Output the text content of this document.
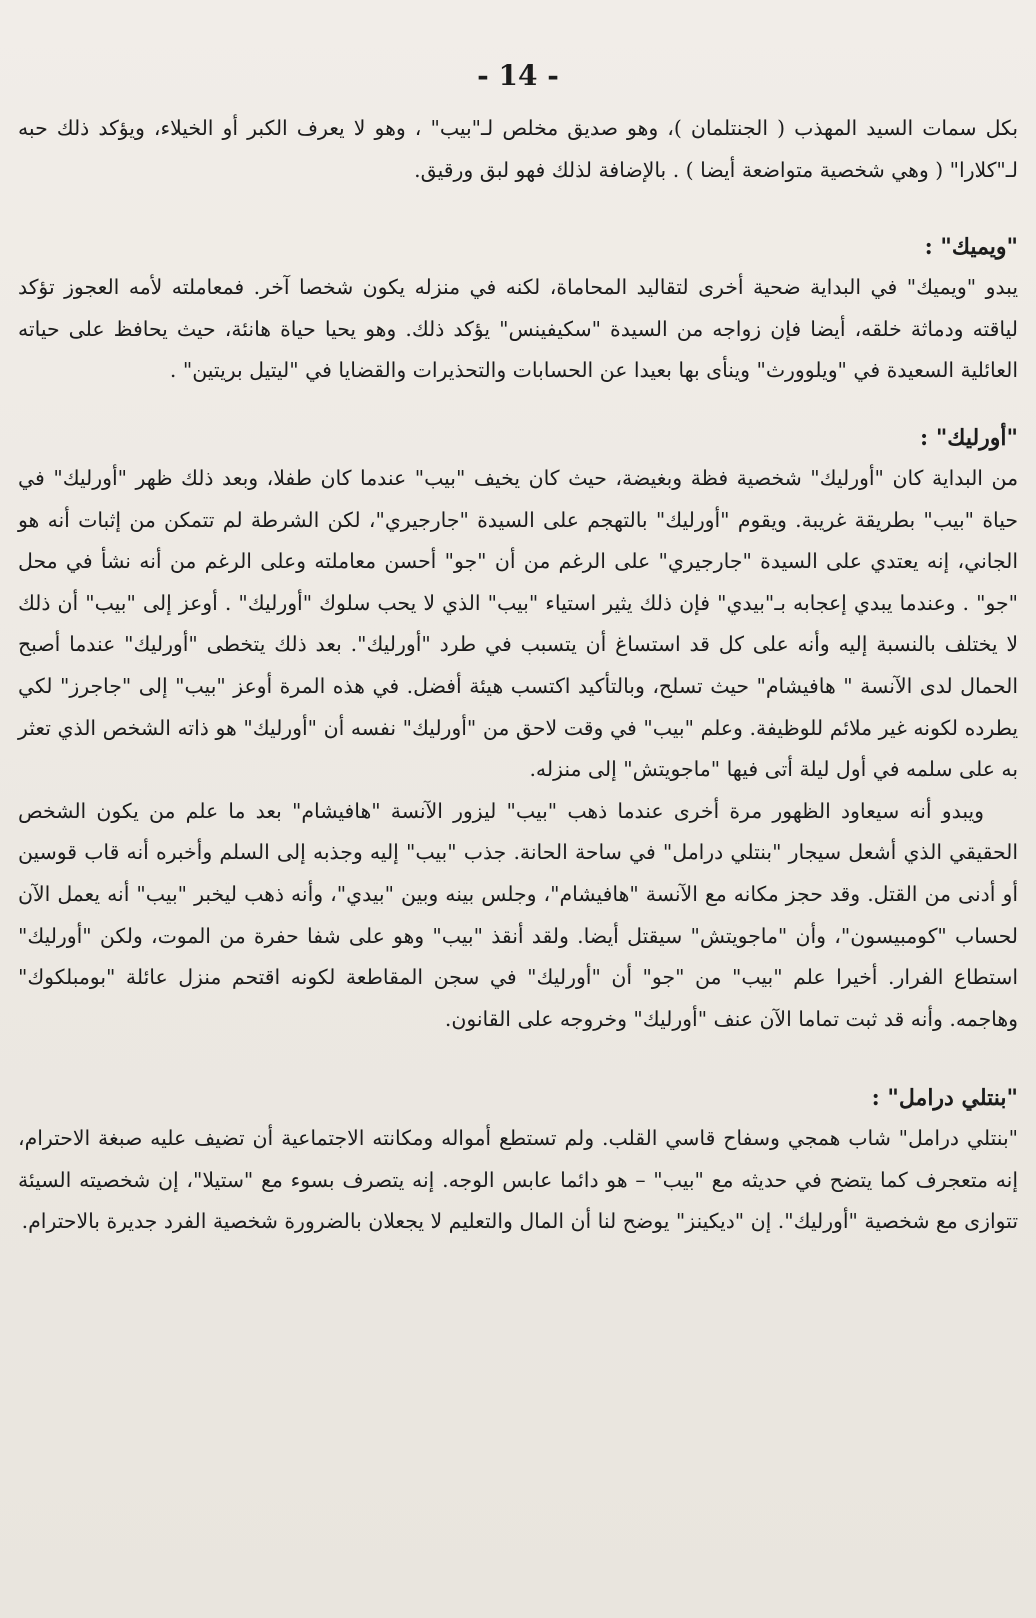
- 14 -

بكل سمات السيد المهذب ( الجنتلمان )، وهو صديق مخلص لـ"بيب" ، وهو لا يعرف الكبر أو الخيلاء، ويؤكد ذلك حبه لـ"كلارا" ( وهي شخصية متواضعة أيضا ) . بالإضافة لذلك فهو لبق ورقيق.

"ويميك" :

يبدو "ويميك" في البداية ضحية أخرى لتقاليد المحاماة، لكنه في منزله يكون شخصا آخر. فمعاملته لأمه العجوز تؤكد لياقته ودماثة خلقه، أيضا فإن زواجه من السيدة "سكيفينس" يؤكد ذلك. وهو يحيا حياة هانئة، حيث يحافظ على حياته العائلية السعيدة في "ويلوورث" وينأى بها بعيدا عن الحسابات والتحذيرات والقضايا في "ليتيل بريتين" .

"أورليك" :

من البداية كان "أورليك" شخصية فظة وبغيضة، حيث كان يخيف "بيب" عندما كان طفلا، وبعد ذلك ظهر "أورليك" في حياة "بيب" بطريقة غريبة. ويقوم "أورليك" بالتهجم على السيدة "جارجيري"، لكن الشرطة لم تتمكن من إثبات أنه هو الجاني، إنه يعتدي على السيدة "جارجيري" على الرغم من أن "جو" أحسن معاملته وعلى الرغم من أنه نشأ في محل "جو" . وعندما يبدي إعجابه بـ"بيدي" فإن ذلك يثير استياء "بيب" الذي لا يحب سلوك "أورليك" . أوعز إلى "بيب" أن ذلك لا يختلف بالنسبة إليه وأنه على كل قد استساغ أن يتسبب في طرد "أورليك". بعد ذلك يتخطى "أورليك" عندما أصبح الحمال لدى الآنسة " هافيشام" حيث تسلح، وبالتأكيد اكتسب هيئة أفضل. في هذه المرة أوعز "بيب" إلى "جاجرز" لكي يطرده لكونه غير ملائم للوظيفة. وعلم "بيب" في وقت لاحق من "أورليك" نفسه أن "أورليك" هو ذاته الشخص الذي تعثر به على سلمه في أول ليلة أتى فيها "ماجويتش" إلى منزله.

ويبدو أنه سيعاود الظهور مرة أخرى عندما ذهب "بيب" ليزور الآنسة "هافيشام" بعد ما علم من يكون الشخص الحقيقي الذي أشعل سيجار "بنتلي درامل" في ساحة الحانة. جذب "بيب" إليه وجذبه إلى السلم وأخبره أنه قاب قوسين أو أدنى من القتل. وقد حجز مكانه مع الآنسة "هافيشام"، وجلس بينه وبين "بيدي"، وأنه ذهب ليخبر "بيب" أنه يعمل الآن لحساب "كومبيسون"، وأن "ماجويتش" سيقتل أيضا. ولقد أنقذ "بيب" وهو على شفا حفرة من الموت، ولكن "أورليك" استطاع الفرار. أخيرا علم "بيب" من "جو" أن "أورليك" في سجن المقاطعة لكونه اقتحم منزل عائلة "بومبلكوك" وهاجمه. وأنه قد ثبت تماما الآن عنف "أورليك" وخروجه على القانون.

"بنتلي درامل" :

"بنتلي درامل" شاب همجي وسفاح قاسي القلب. ولم تستطع أمواله ومكانته الاجتماعية أن تضيف عليه صبغة الاحترام، إنه متعجرف كما يتضح في حديثه مع "بيب" – هو دائما عابس الوجه. إنه يتصرف بسوء مع "ستيلا"، إن شخصيته السيئة تتوازى مع شخصية "أورليك". إن "ديكينز" يوضح لنا أن المال والتعليم لا يجعلان بالضرورة شخصية الفرد جديرة بالاحترام.
